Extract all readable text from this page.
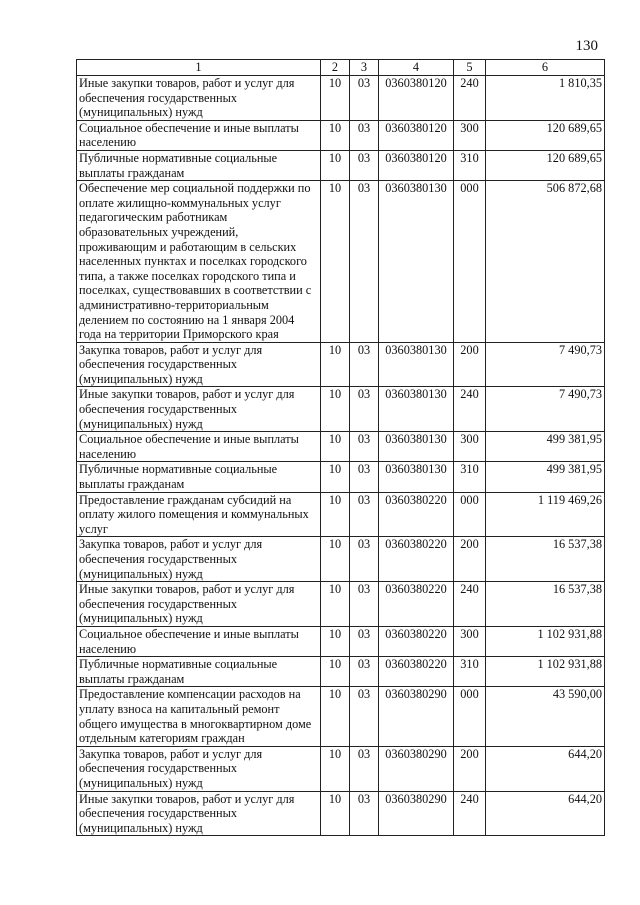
130
1	2	3	4	5	6
Иные закупки товаров, работ и услуг для обеспечения государственных (муниципальных) нужд	10	03	0360380120	240	1 810,35
Социальное обеспечение и иные выплаты населению	10	03	0360380120	300	120 689,65
Публичные нормативные социальные выплаты гражданам	10	03	0360380120	310	120 689,65
Обеспечение мер социальной поддержки по оплате жилищно-коммунальных услуг педагогическим работникам образовательных учреждений, проживающим и работающим в сельских населенных пунктах и поселках городского типа, а также поселках городского типа и поселках, существовавших в соответствии с административно-территориальным делением по состоянию на 1 января 2004 года на территории Приморского края	10	03	0360380130	000	506 872,68
Закупка товаров, работ и услуг для обеспечения государственных (муниципальных) нужд	10	03	0360380130	200	7 490,73
Иные закупки товаров, работ и услуг для обеспечения государственных (муниципальных) нужд	10	03	0360380130	240	7 490,73
Социальное обеспечение и иные выплаты населению	10	03	0360380130	300	499 381,95
Публичные нормативные социальные выплаты гражданам	10	03	0360380130	310	499 381,95
Предоставление гражданам субсидий на оплату жилого помещения и коммунальных услуг	10	03	0360380220	000	1 119 469,26
Закупка товаров, работ и услуг для обеспечения государственных (муниципальных) нужд	10	03	0360380220	200	16 537,38
Иные закупки товаров, работ и услуг для обеспечения государственных (муниципальных) нужд	10	03	0360380220	240	16 537,38
Социальное обеспечение и иные выплаты населению	10	03	0360380220	300	1 102 931,88
Публичные нормативные социальные выплаты гражданам	10	03	0360380220	310	1 102 931,88
Предоставление компенсации расходов на уплату взноса на капитальный ремонт общего имущества в многоквартирном доме отдельным категориям граждан	10	03	0360380290	000	43 590,00
Закупка товаров, работ и услуг для обеспечения государственных (муниципальных) нужд	10	03	0360380290	200	644,20
Иные закупки товаров, работ и услуг для обеспечения государственных (муниципальных) нужд	10	03	0360380290	240	644,20
